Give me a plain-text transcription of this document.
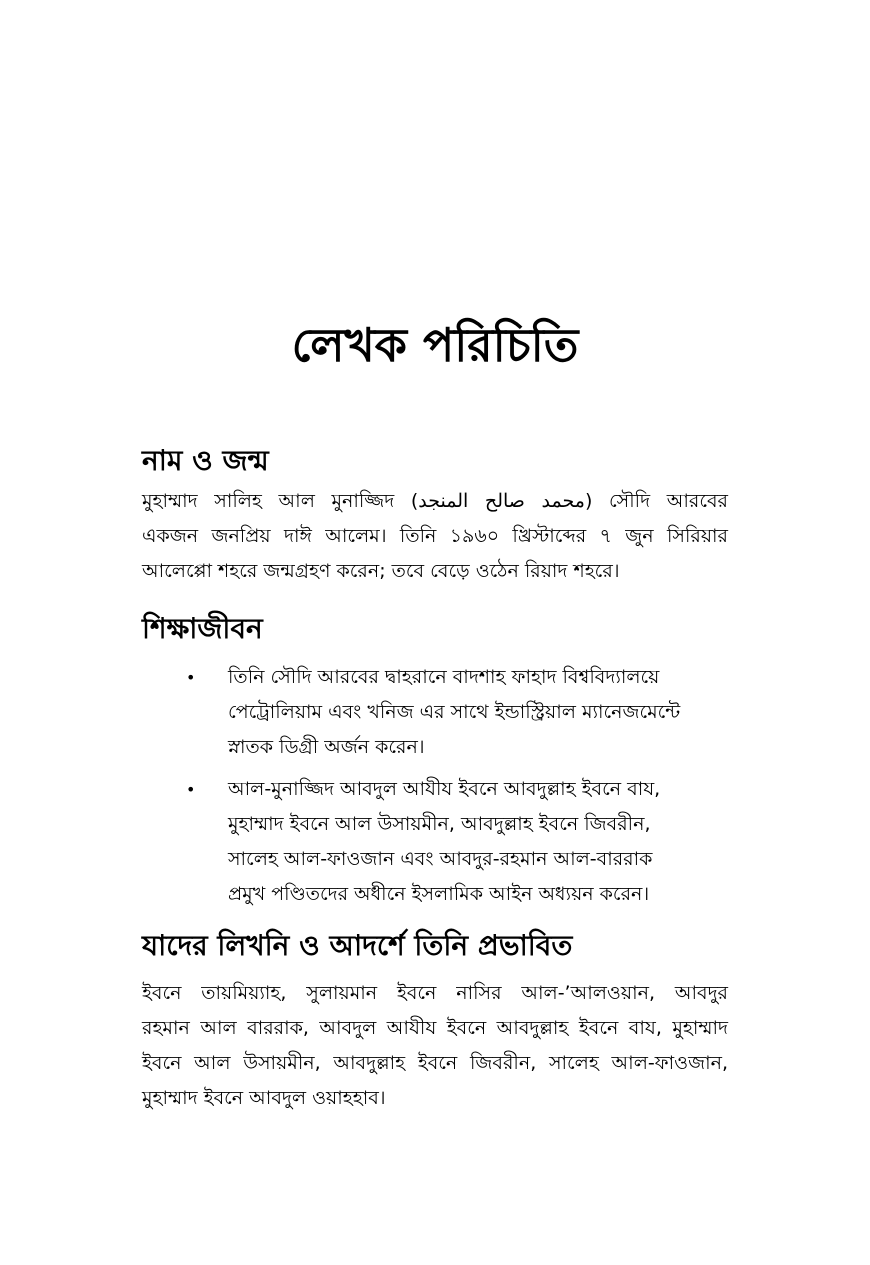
লেখক পরিচিতি
নাম ও জন্ম
মুহাম্মাদ সালিহ আল মুনাজ্জিদ (محمد صالح المنجد) সৌদি আরবের
একজন জনপ্রিয় দাঈ আলেম। তিনি ১৯৬০ খ্রিস্টাব্দের ৭ জুন সিরিয়ার
আলেপ্পো শহরে জন্মগ্রহণ করেন; তবে বেড়ে ওঠেন রিয়াদ শহরে।
শিক্ষাজীবন
•	তিনি সৌদি আরবের দ্বাহরানে বাদশাহ ফাহাদ বিশ্ববিদ্যালয়ে
পেট্রোলিয়াম এবং খনিজ এর সাথে ইন্ডাস্ট্রিয়াল ম্যানেজমেন্টে
স্নাতক ডিগ্রী অর্জন করেন।
•	আল-মুনাজ্জিদ আবদুল আযীয ইবনে আবদুল্লাহ ইবনে বায,
মুহাম্মাদ ইবনে আল উসায়মীন, আবদুল্লাহ ইবনে জিবরীন,
সালেহ আল-ফাওজান এবং আবদুর-রহমান আল-বাররাক
প্রমুখ পণ্ডিতদের অধীনে ইসলামিক আইন অধ্যয়ন করেন।
যাদের লিখনি ও আদর্শে তিনি প্রভাবিত
ইবনে তায়মিয়্যাহ, সুলায়মান ইবনে নাসির আল-’আলওয়ান, আবদুর
রহমান আল বাররাক, আবদুল আযীয ইবনে আবদুল্লাহ ইবনে বায, মুহাম্মাদ
ইবনে আল উসায়মীন, আবদুল্লাহ ইবনে জিবরীন, সালেহ আল-ফাওজান,
মুহাম্মাদ ইবনে আবদুল ওয়াহহাব।
